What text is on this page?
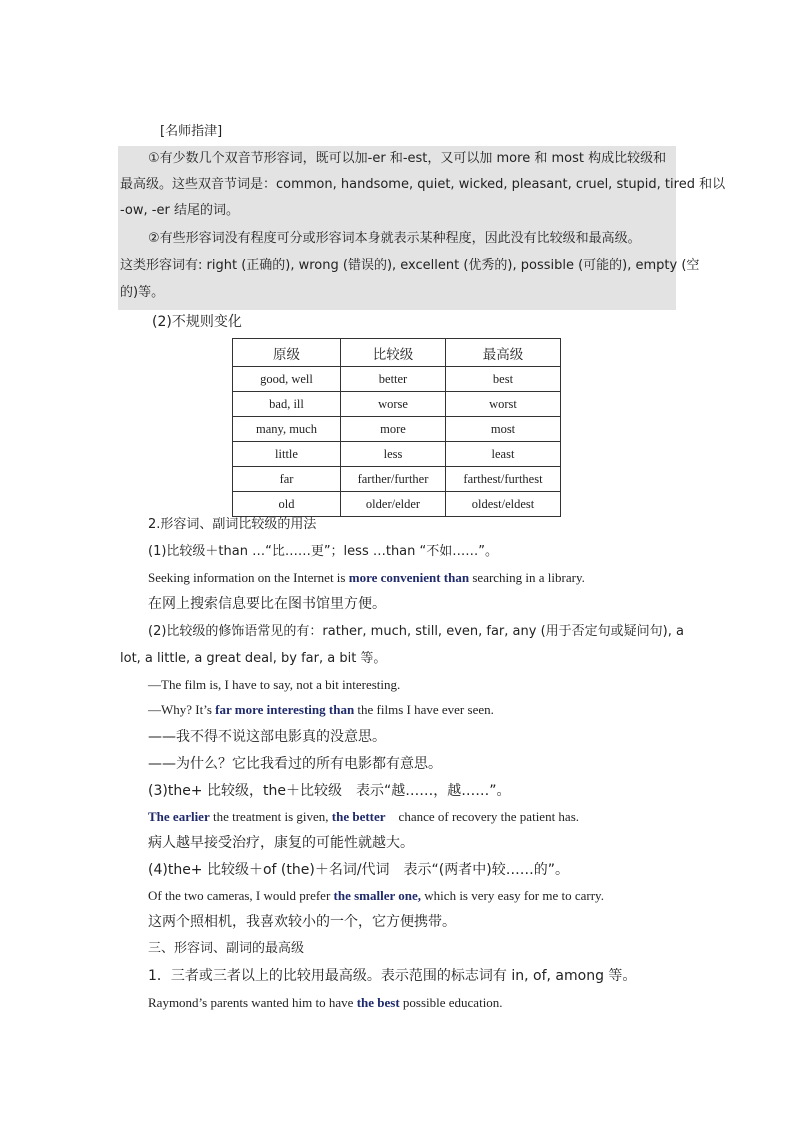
[名师指津]
①有少数几个双音节形容词，既可以加-er 和-est，又可以加 more 和 most 构成比较级和
最高级。这些双音节词是：common, handsome, quiet, wicked, pleasant, cruel, stupid, tired 和以
-ow, -er 结尾的词。
②有些形容词没有程度可分或形容词本身就表示某种程度，因此没有比较级和最高级。
这类形容词有: right (正确的), wrong (错误的), excellent (优秀的), possible (可能的), empty (空
的)等。
(2)不规则变化
原级	比较级	最高级
good, well	better	best
bad, ill	worse	worst
many, much	more	most
little	less	least
far	farther/further	farthest/furthest
old	older/elder	oldest/eldest
2.形容词、副词比较级的用法
(1)比较级＋than …“比……更”；less …than “不如……”。
Seeking information on the Internet is more convenient than searching in a library.
在网上搜索信息要比在图书馆里方便。
(2)比较级的修饰语常见的有：rather, much, still, even, far, any (用于否定句或疑问句), a
lot, a little, a great deal, by far, a bit 等。
—The film is, I have to say, not a bit interesting.
—Why? It’s far more interesting than the films I have ever seen.
——我不得不说这部电影真的没意思。
——为什么？它比我看过的所有电影都有意思。
(3)the+ 比较级，the＋比较级　表示“越……，越……”。
The earlier the treatment is given, the better　chance of recovery the patient has.
病人越早接受治疗，康复的可能性就越大。
(4)the+ 比较级＋of (the)＋名词/代词　表示“(两者中)较……的”。
Of the two cameras, I would prefer the smaller one, which is very easy for me to carry.
这两个照相机，我喜欢较小的一个，它方便携带。
三、形容词、副词的最高级
1．三者或三者以上的比较用最高级。表示范围的标志词有 in, of, among 等。
Raymond’s parents wanted him to have the best possible education.
